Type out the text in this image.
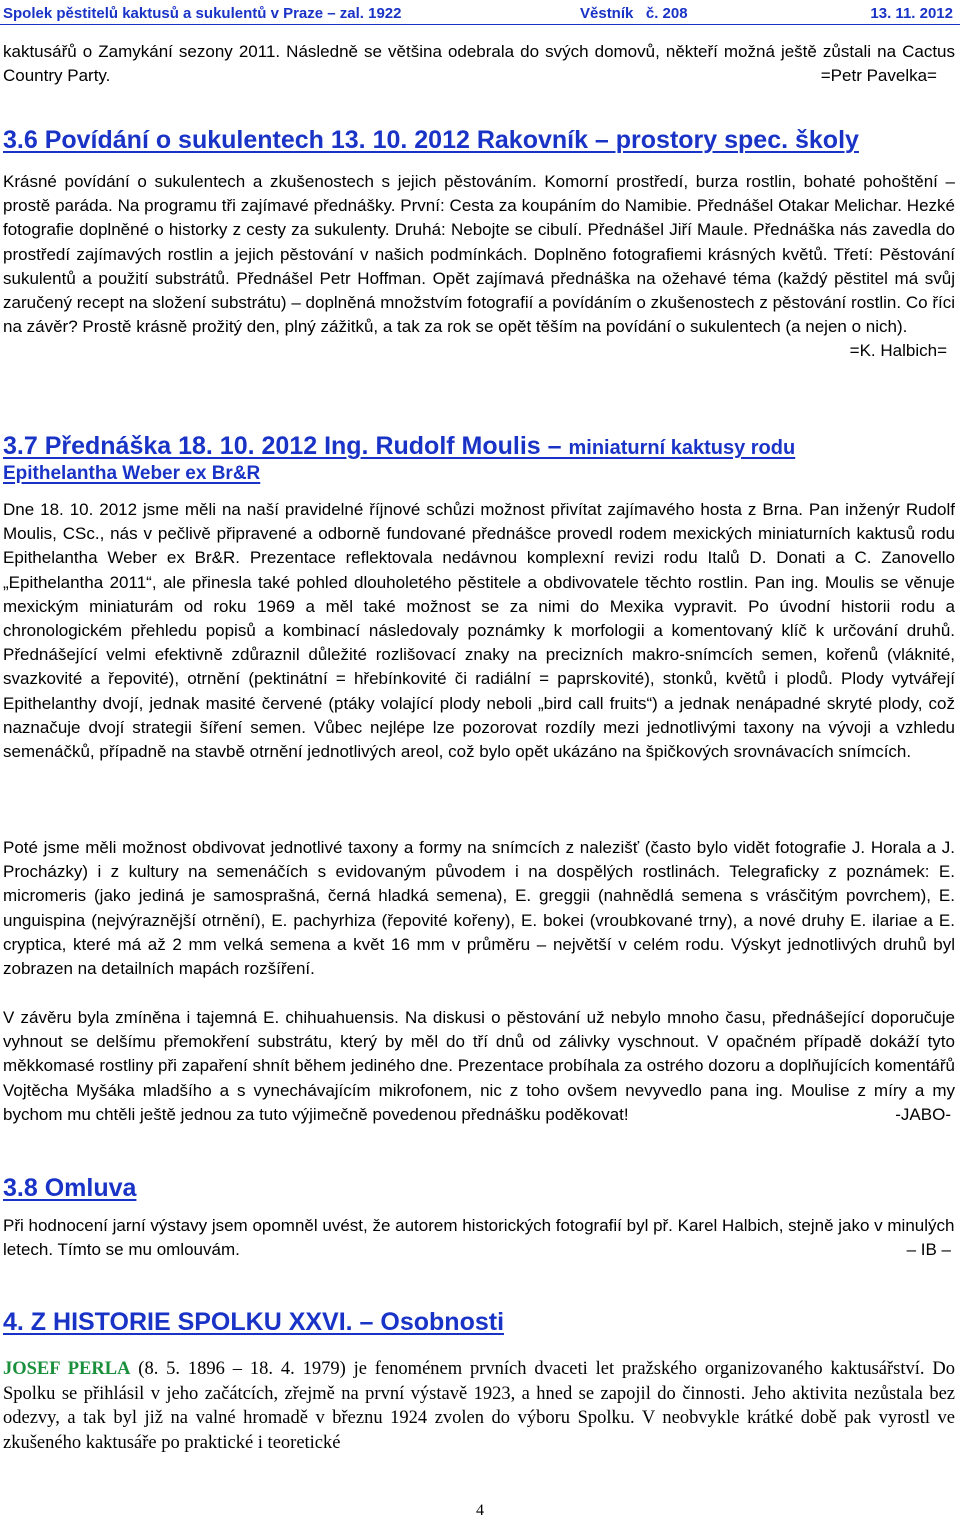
Spolek pěstitelů kaktusů a sukulentů v Praze – zal. 1922	Věstník   č. 208	13. 11. 2012

kaktusářů o Zamykání sezony 2011. Následně se většina odebrala do svých domovů, někteří možná ještě zůstali na Cactus Country Party.	=Petr Pavelka=

3.6 Povídání o sukulentech 13. 10. 2012 Rakovník – prostory spec. školy

Krásné povídání o sukulentech a zkušenostech s jejich pěstováním. Komorní prostředí, burza rostlin, bohaté pohoštění – prostě paráda. Na programu tři zajímavé přednášky. První: Cesta za koupáním do Namibie. Přednášel Otakar Melichar. Hezké fotografie doplněné o historky z cesty za sukulenty. Druhá: Nebojte se cibulí. Přednášel Jiří Maule. Přednáška nás zavedla do prostředí zajímavých rostlin a jejich pěstování v našich podmínkách. Doplněno fotografiemi krásných květů. Třetí: Pěstování sukulentů a použití substrátů. Přednášel Petr Hoffman. Opět zajímavá přednáška na ožehavé téma (každý pěstitel má svůj zaručený recept na složení substrátu) – doplněná množstvím fotografií a povídáním o zkušenostech z pěstování rostlin. Co říci na závěr? Prostě krásně prožitý den, plný zážitků, a tak za rok se opět těším na povídání o sukulentech (a nejen o nich).
=K. Halbich=

3.7 Přednáška 18. 10. 2012 Ing. Rudolf Moulis – miniaturní kaktusy rodu
Epithelantha Weber ex Br&R

Dne 18. 10. 2012 jsme měli na naší pravidelné říjnové schůzi možnost přivítat zajímavého hosta z Brna. Pan inženýr Rudolf Moulis, CSc., nás v pečlivě připravené a odborně fundované přednášce provedl rodem mexických miniaturních kaktusů rodu Epithelantha Weber ex Br&R. Prezentace reflektovala nedávnou komplexní revizi rodu Italů D. Donati a C. Zanovello „Epithelantha 2011“, ale přinesla také pohled dlouholetého pěstitele a obdivovatele těchto rostlin. Pan ing. Moulis se věnuje mexickým miniaturám od roku 1969 a měl také možnost se za nimi do Mexika vypravit. Po úvodní historii rodu a chronologickém přehledu popisů a kombinací následovaly poznámky k morfologii a komentovaný klíč k určování druhů. Přednášející velmi efektivně zdůraznil důležité rozlišovací znaky na precizních makro-snímcích semen, kořenů (vláknité, svazkovité a řepovité), otrnění (pektinátní = hřebínkovité či radiální = paprskovité), stonků, květů i plodů. Plody vytvářejí Epithelanthy dvojí, jednak masité červené (ptáky volající plody neboli „bird call fruits“) a jednak nenápadné skryté plody, což naznačuje dvojí strategii šíření semen. Vůbec nejlépe lze pozorovat rozdíly mezi jednotlivými taxony na vývoji a vzhledu semenáčků, případně na stavbě otrnění jednotlivých areol, což bylo opět ukázáno na špičkových srovnávacích snímcích.

Poté jsme měli možnost obdivovat jednotlivé taxony a formy na snímcích z nalezišť (často bylo vidět fotografie J. Horala a J. Procházky) i z kultury na semenáčích s evidovaným původem i na dospělých rostlinách. Telegraficky z poznámek: E. micromeris (jako jediná je samosprašná, černá hladká semena), E. greggii (nahnědlá semena s vrásčitým povrchem), E. unguispina (nejvýraznější otrnění), E. pachyrhiza (řepovité kořeny), E. bokei (vroubkované trny), a nové druhy E. ilariae a E. cryptica, které má až 2 mm velká semena a květ 16 mm v průměru – největší v celém rodu. Výskyt jednotlivých druhů byl zobrazen na detailních mapách rozšíření.

V závěru byla zmíněna i tajemná E. chihuahuensis. Na diskusi o pěstování už nebylo mnoho času, přednášející doporučuje vyhnout se delšímu přemokření substrátu, který by měl do tří dnů od zálivky vyschnout. V opačném případě dokáží tyto měkkomasé rostliny při zapaření shnít během jediného dne. Prezentace probíhala za ostrého dozoru a doplňujících komentářů Vojtěcha Myšáka mladšího a s vynechávajícím mikrofonem, nic z toho ovšem nevyvedlo pana ing. Moulise z míry a my bychom mu chtěli ještě jednou za tuto výjimečně povedenou přednášku poděkovat!	-JABO-

3.8 Omluva

Při hodnocení jarní výstavy jsem opomněl uvést, že autorem historických fotografií byl př. Karel Halbich, stejně jako v minulých letech. Tímto se mu omlouvám.	– IB –

4. Z HISTORIE SPOLKU XXVI. – Osobnosti

JOSEF PERLA (8. 5. 1896 – 18. 4. 1979) je fenoménem prvních dvaceti let pražského organizovaného kaktusářství. Do Spolku se přihlásil v jeho začátcích, zřejmě na první výstavě 1923, a hned se zapojil do činnosti. Jeho aktivita nezůstala bez odezvy, a tak byl již na valné hromadě v březnu 1924 zvolen do výboru Spolku. V neobvykle krátké době pak vyrostl ve zkušeného kaktusáře po praktické i teoretické

4
